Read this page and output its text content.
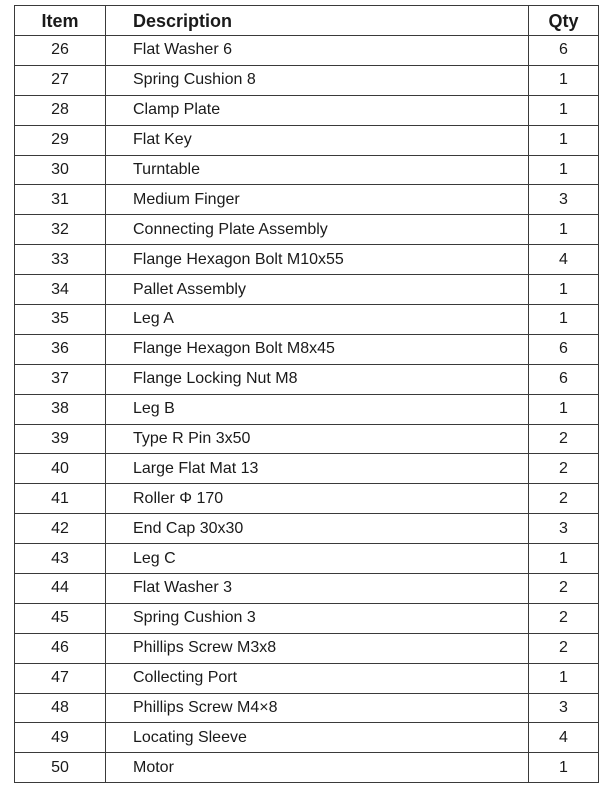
Item	Description	Qty
26	Flat Washer 6	6
27	Spring Cushion 8	1
28	Clamp Plate	1
29	Flat Key	1
30	Turntable	1
31	Medium Finger	3
32	Connecting Plate Assembly	1
33	Flange Hexagon Bolt M10x55	4
34	Pallet Assembly	1
35	Leg A	1
36	Flange Hexagon Bolt M8x45	6
37	Flange Locking Nut M8	6
38	Leg B	1
39	Type R Pin 3x50	2
40	Large Flat Mat 13	2
41	Roller Φ 170	2
42	End Cap 30x30	3
43	Leg C	1
44	Flat Washer 3	2
45	Spring Cushion 3	2
46	Phillips Screw M3x8	2
47	Collecting Port	1
48	Phillips Screw M4×8	3
49	Locating Sleeve	4
50	Motor	1
